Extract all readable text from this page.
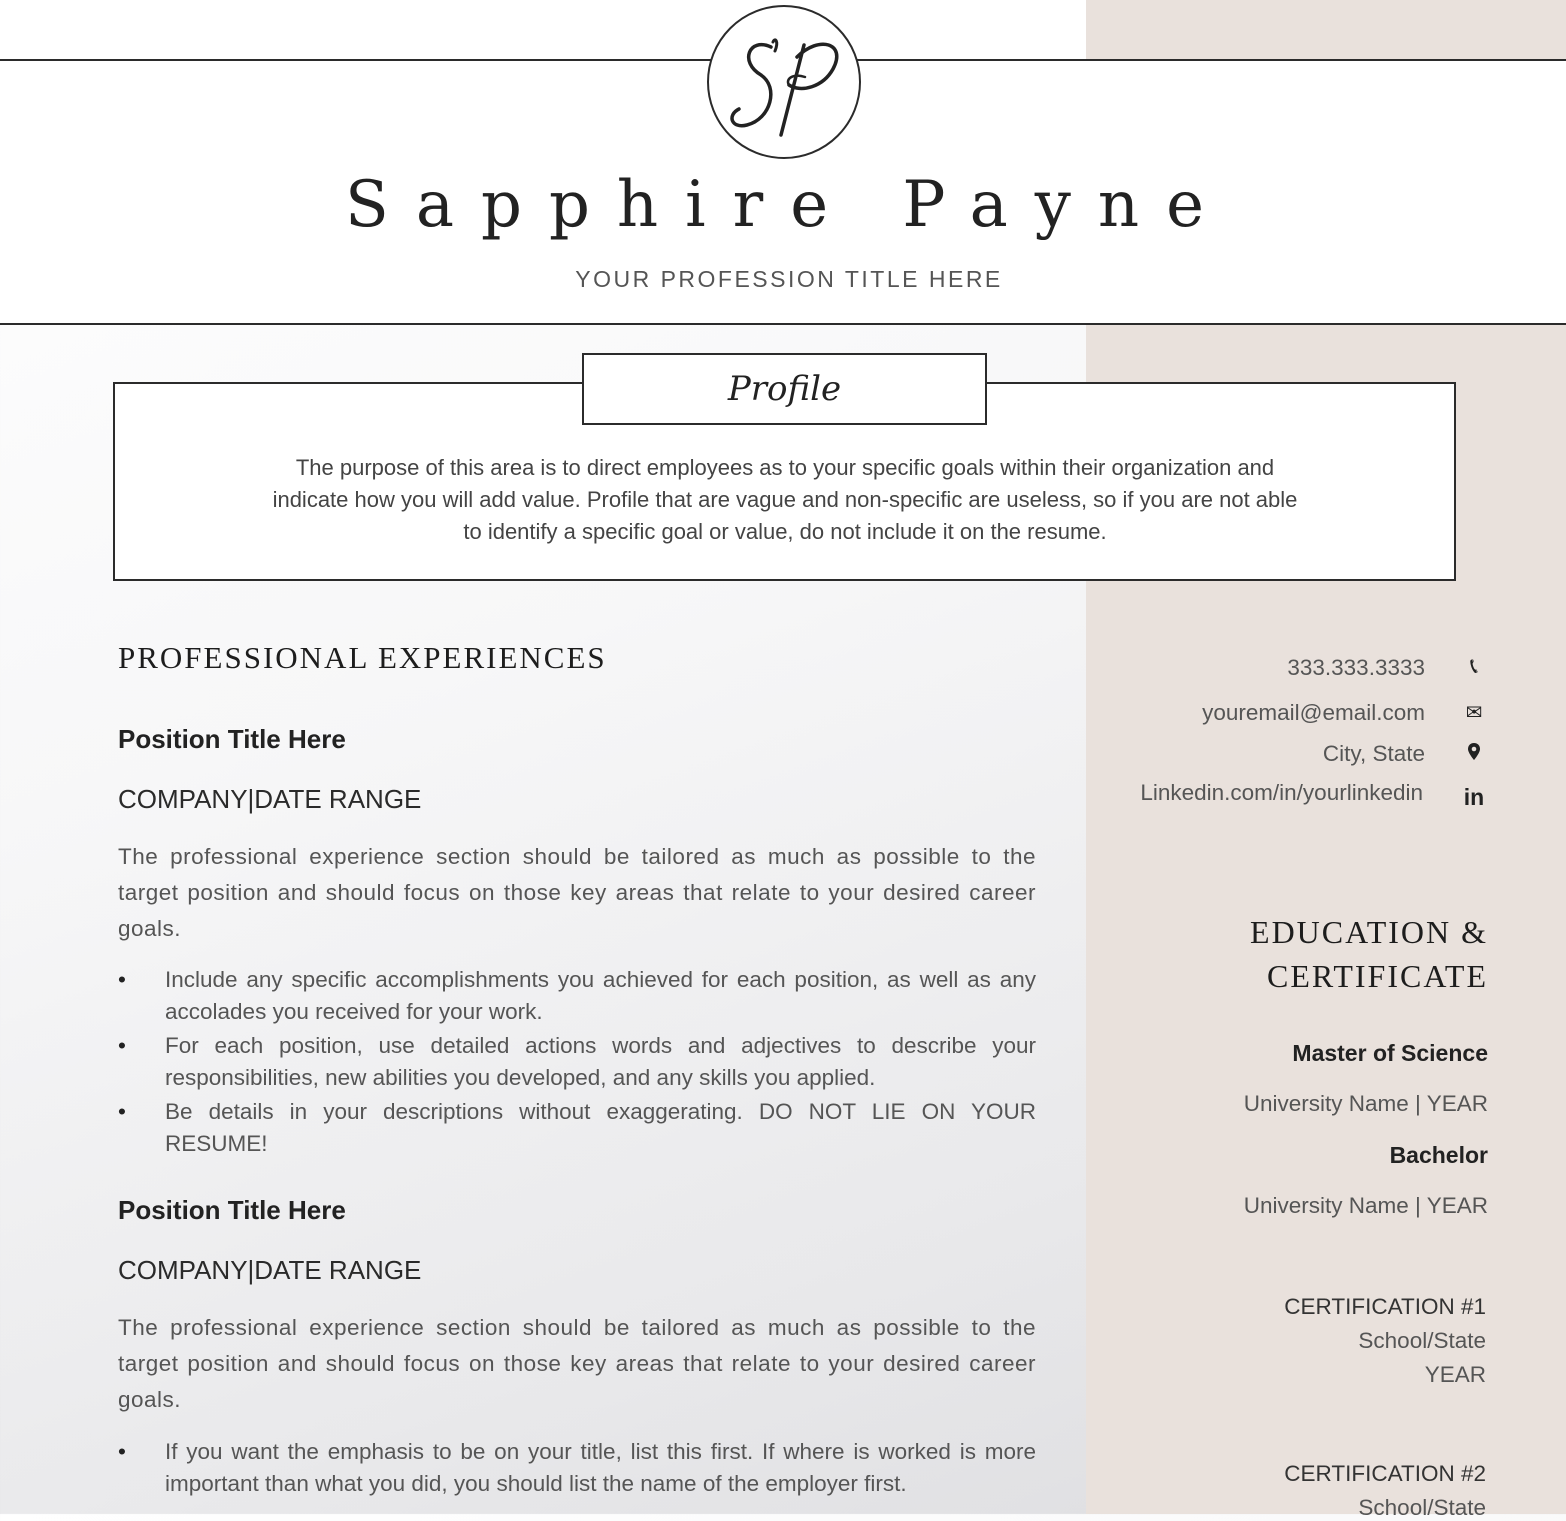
Sapphire Payne
YOUR PROFESSION TITLE HERE
Profile
The purpose of this area is to direct employees as to your specific goals within their organization and
indicate how you will add value. Profile that are vague and non-specific are useless, so if you are not able
to identify a specific goal or value, do not include it on the resume.
PROFESSIONAL EXPERIENCES
Position Title Here
COMPANY|DATE RANGE
The professional experience section should be tailored as much as possible to the target position and should focus on those key areas that relate to your desired career goals.
• Include any specific accomplishments you achieved for each position, as well as any accolades you received for your work.
• For each position, use detailed actions words and adjectives to describe your responsibilities, new abilities you developed, and any skills you applied.
• Be details in your descriptions without exaggerating. DO NOT LIE ON YOUR RESUME!
Position Title Here
COMPANY|DATE RANGE
The professional experience section should be tailored as much as possible to the target position and should focus on those key areas that relate to your desired career goals.
• If you want the emphasis to be on your title, list this first. If where is worked is more important than what you did, you should list the name of the employer first.
333.333.3333	📞︎
youremail@email.com ✉
City, State
Linkedin.com/in/yourlinkedin in
EDUCATION &
CERTIFICATE
Master of Science
University Name | YEAR
Bachelor
University Name | YEAR
CERTIFICATION #1
School/State
YEAR
CERTIFICATION #2
School/State
